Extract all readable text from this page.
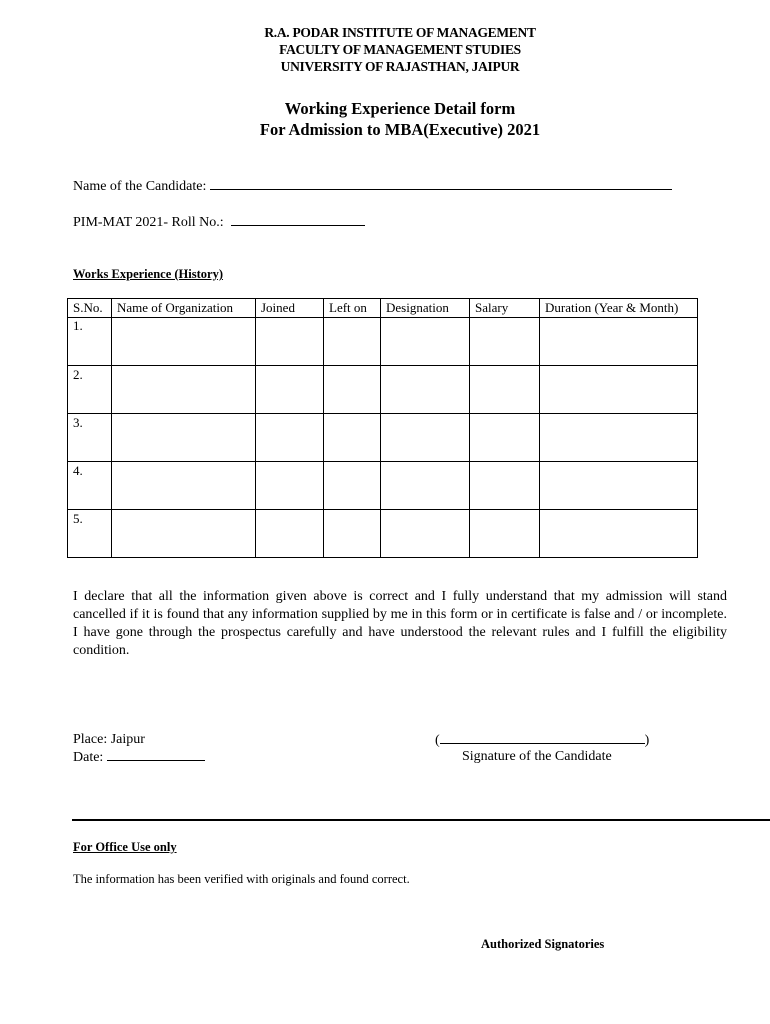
R.A. PODAR INSTITUTE OF MANAGEMENT
FACULTY OF MANAGEMENT STUDIES
UNIVERSITY OF RAJASTHAN, JAIPUR
Working Experience Detail form
For Admission to MBA(Executive) 2021
Name of the Candidate:
PIM-MAT 2021- Roll No.:
Works Experience (History)
S.No.	Name of Organization	Joined	Left on	Designation	Salary	Duration (Year & Month)
1.						
2.						
3.						
4.						
5.						
I declare that all the information given above is correct and I fully understand that my admission will stand cancelled if it is found that any information supplied by me in this form or in certificate is false and / or incomplete. I have gone through the prospectus carefully and have understood the relevant rules and I fulfill the eligibility condition.
Place: Jaipur
Date:
(	)
Signature of the Candidate
For Office Use only
The information has been verified with originals and found correct.
Authorized Signatories
